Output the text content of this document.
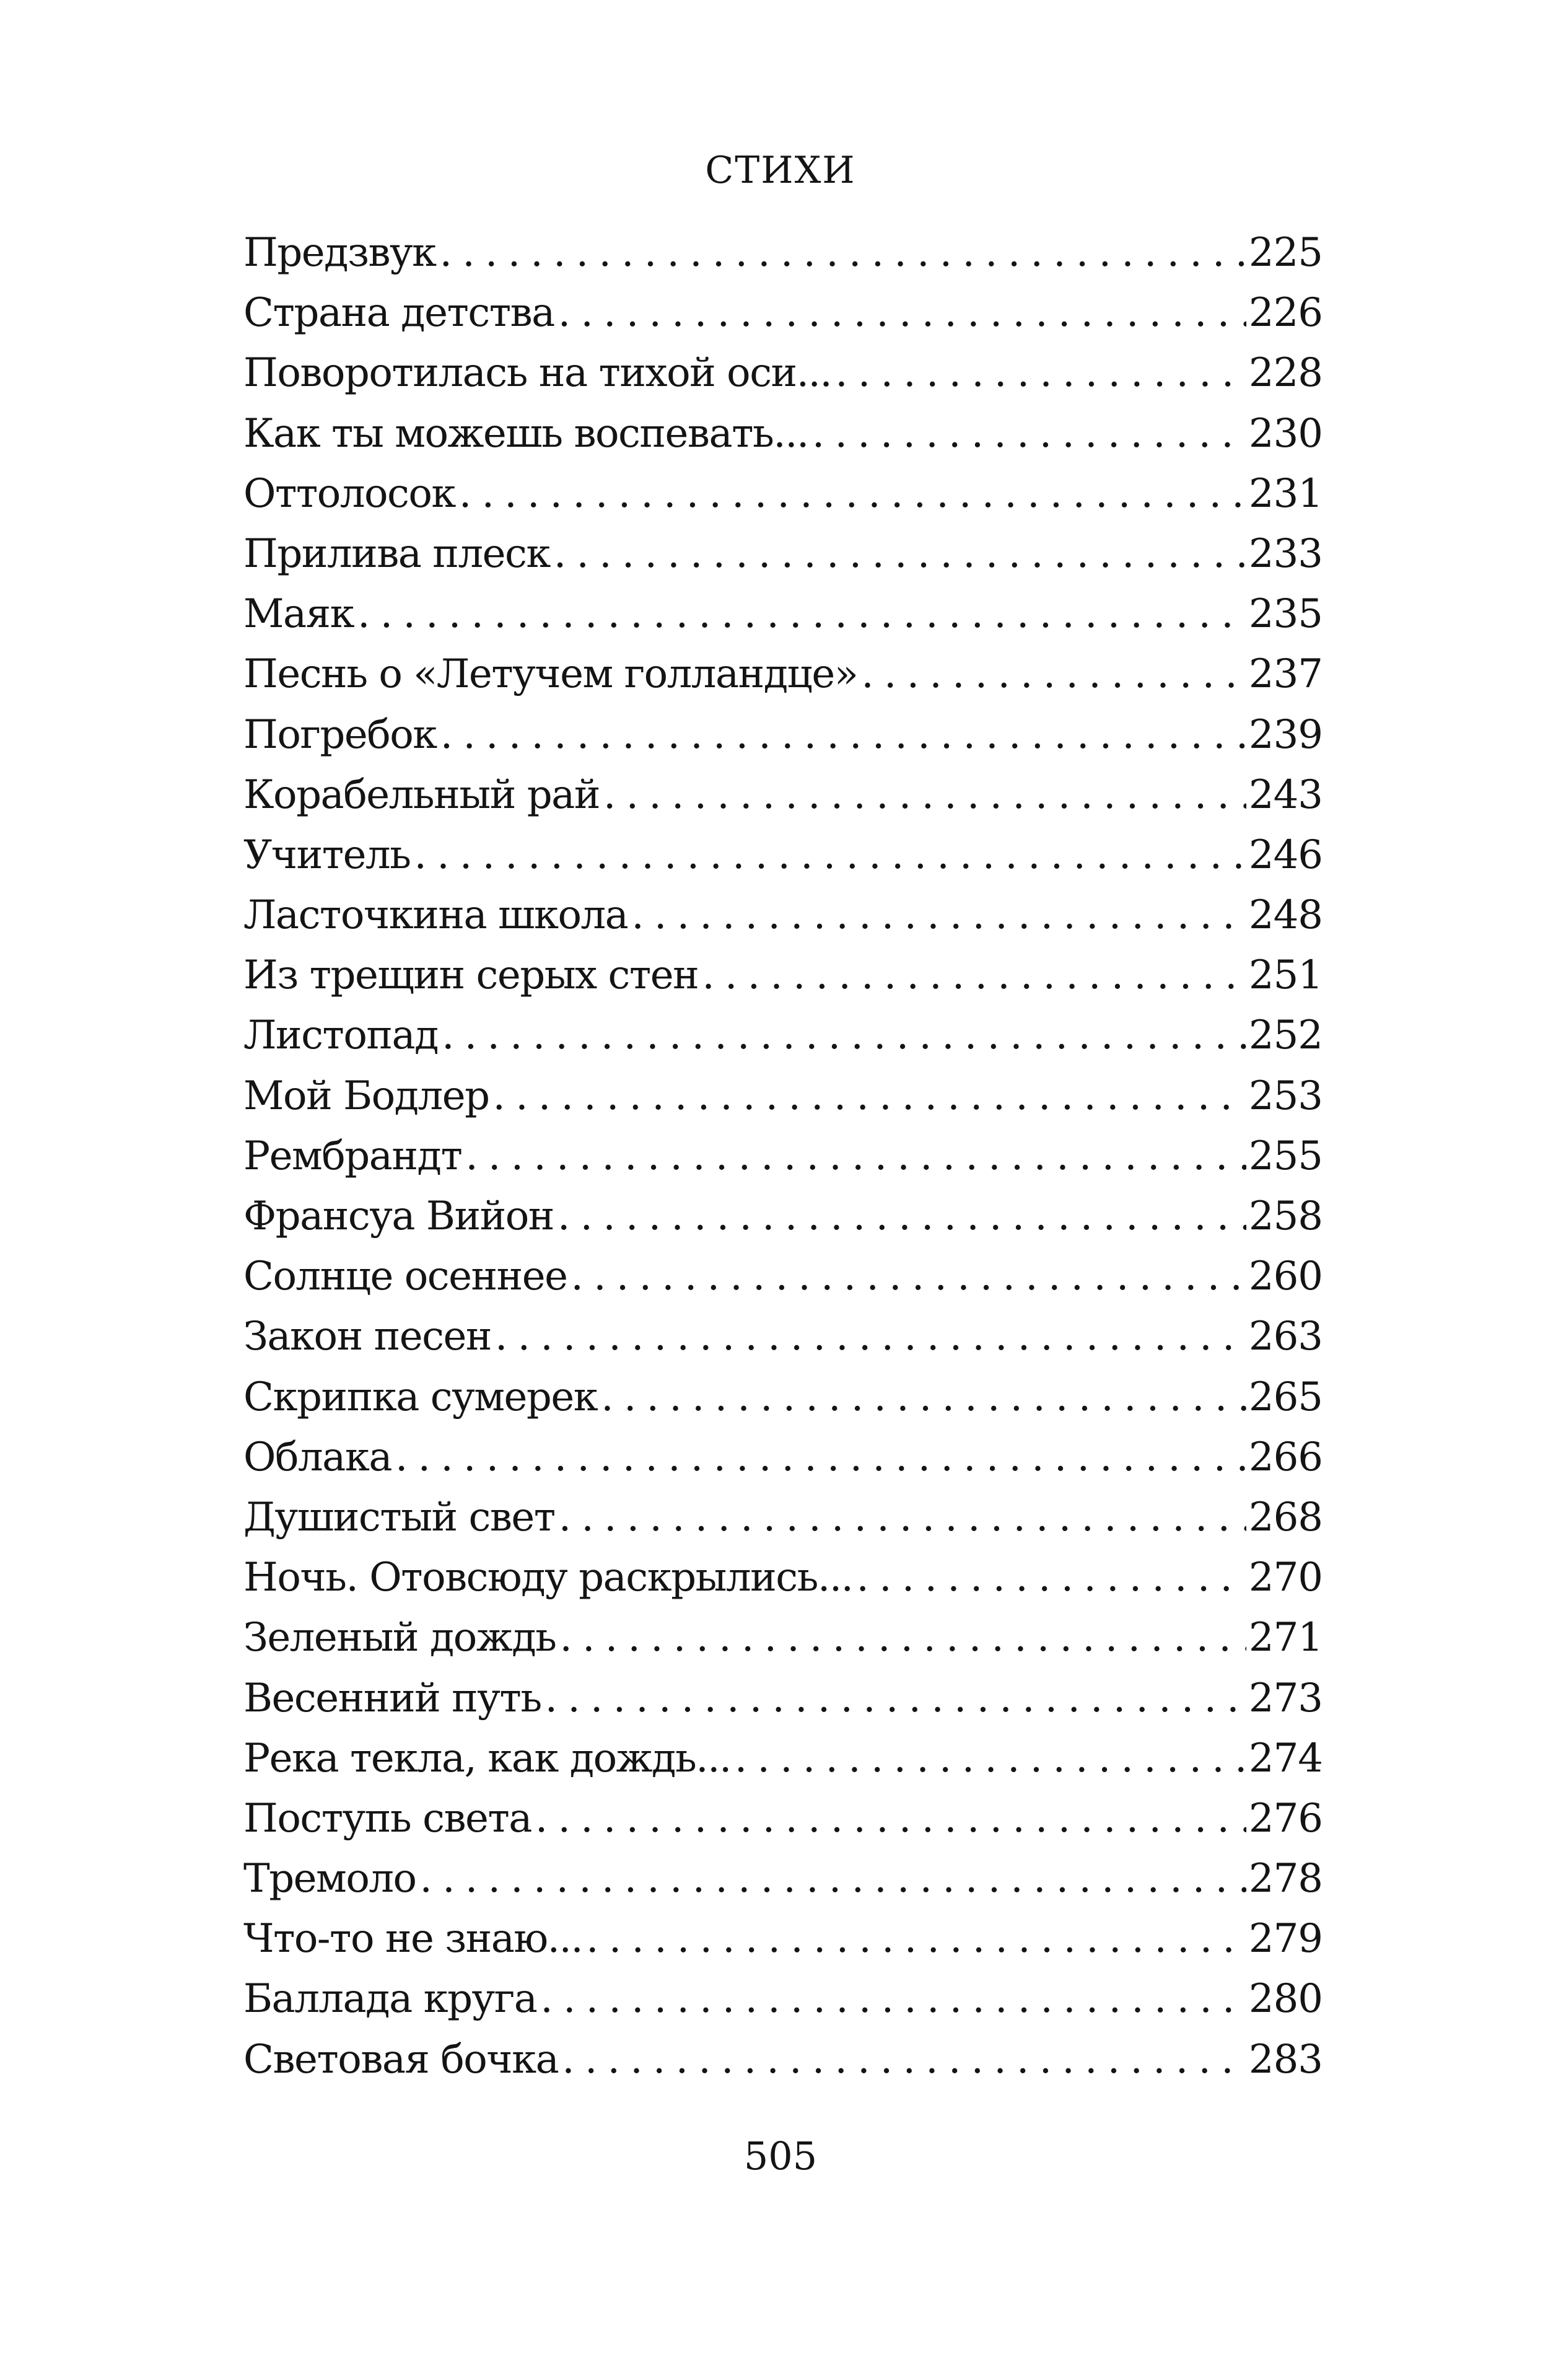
СТИХИ
Предзвук . . .	225
Страна детства . . .	226
Поворотилась на тихой оси... . . .	228
Как ты можешь воспевать... . . .	230
Оттолосок . . .	231
Прилива плеск . . .	233
Маяк . . .	235
Песнь о «Летучем голландце» . . .	237
Погребок . . .	239
Корабельный рай . . .	243
Учитель . . .	246
Ласточкина школа . . .	248
Из трещин серых стен . . .	251
Листопад . . .	252
Мой Бодлер . . .	253
Рембрандт . . .	255
Франсуа Вийон . . .	258
Солнце осеннее . . .	260
Закон песен . . .	263
Скрипка сумерек . . .	265
Облака . . .	266
Душистый свет . . .	268
Ночь. Отовсюду раскрылись... . . .	270
Зеленый дождь . . .	271
Весенний путь . . .	273
Река текла, как дождь... . . .	274
Поступь света . . .	276
Тремоло . . .	278
Что-то не знаю... . . .	279
Баллада круга . . .	280
Световая бочка . . .	283
505
